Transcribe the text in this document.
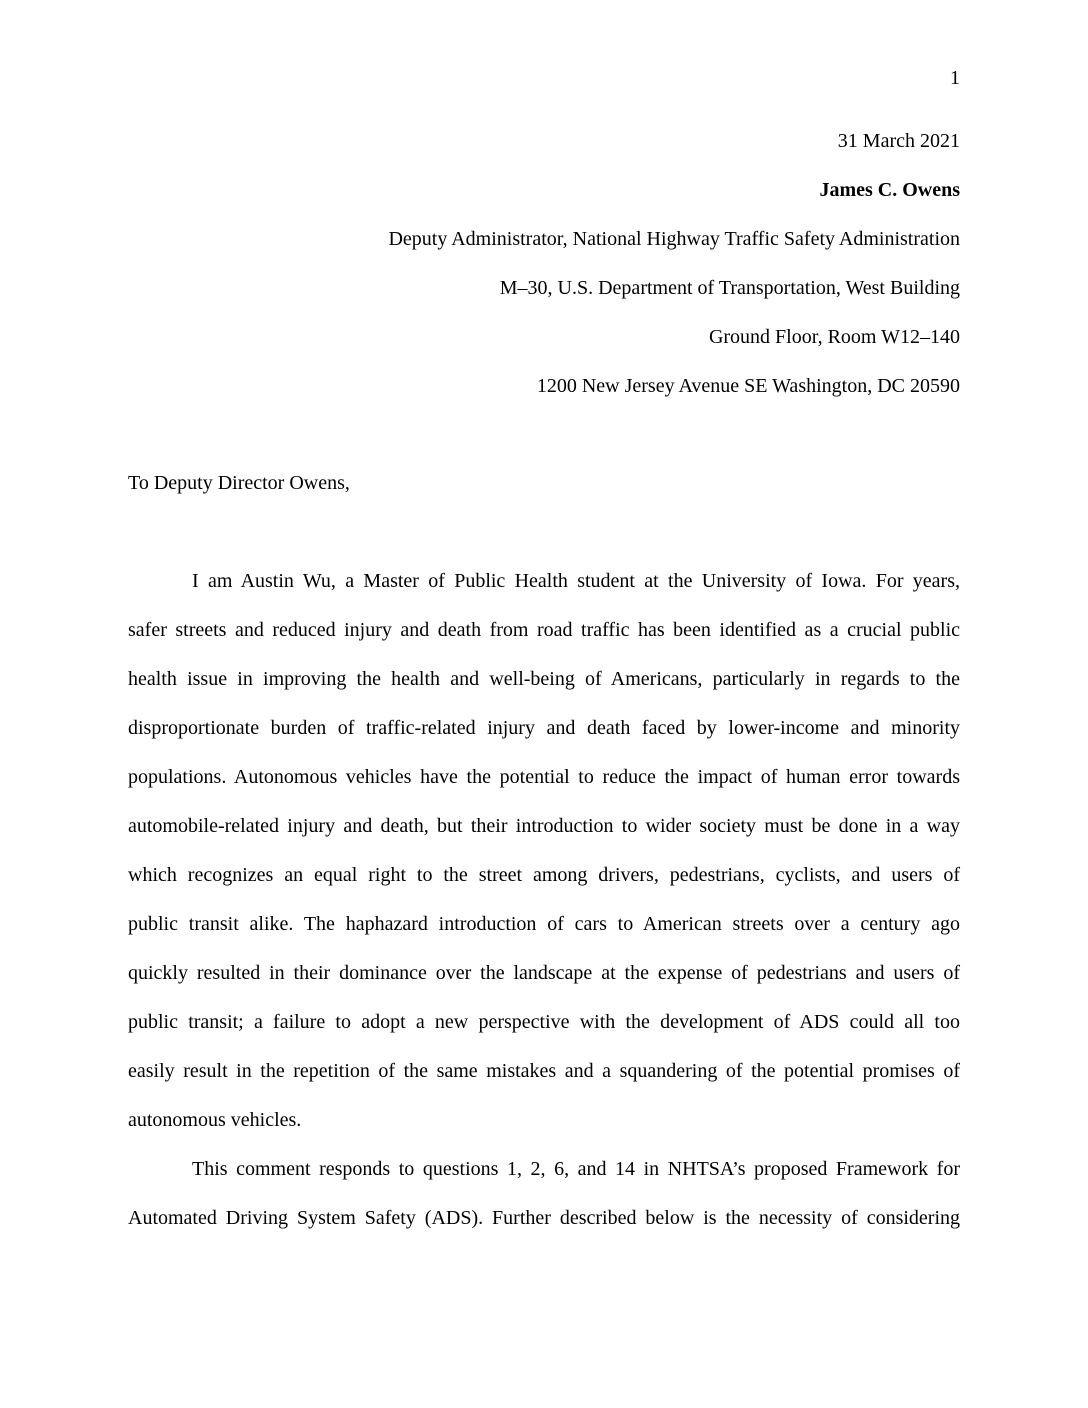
1
31 March 2021
James C. Owens
Deputy Administrator, National Highway Traffic Safety Administration
M–30, U.S. Department of Transportation, West Building
Ground Floor, Room W12–140
1200 New Jersey Avenue SE Washington, DC 20590
To Deputy Director Owens,
I am Austin Wu, a Master of Public Health student at the University of Iowa. For years,
safer streets and reduced injury and death from road traffic has been identified as a crucial public
health issue in improving the health and well-being of Americans, particularly in regards to the
disproportionate burden of traffic-related injury and death faced by lower-income and minority
populations. Autonomous vehicles have the potential to reduce the impact of human error towards
automobile-related injury and death, but their introduction to wider society must be done in a way
which recognizes an equal right to the street among drivers, pedestrians, cyclists, and users of
public transit alike. The haphazard introduction of cars to American streets over a century ago
quickly resulted in their dominance over the landscape at the expense of pedestrians and users of
public transit; a failure to adopt a new perspective with the development of ADS could all too
easily result in the repetition of the same mistakes and a squandering of the potential promises of
autonomous vehicles.
This comment responds to questions 1, 2, 6, and 14 in NHTSA’s proposed Framework for
Automated Driving System Safety (ADS). Further described below is the necessity of considering
